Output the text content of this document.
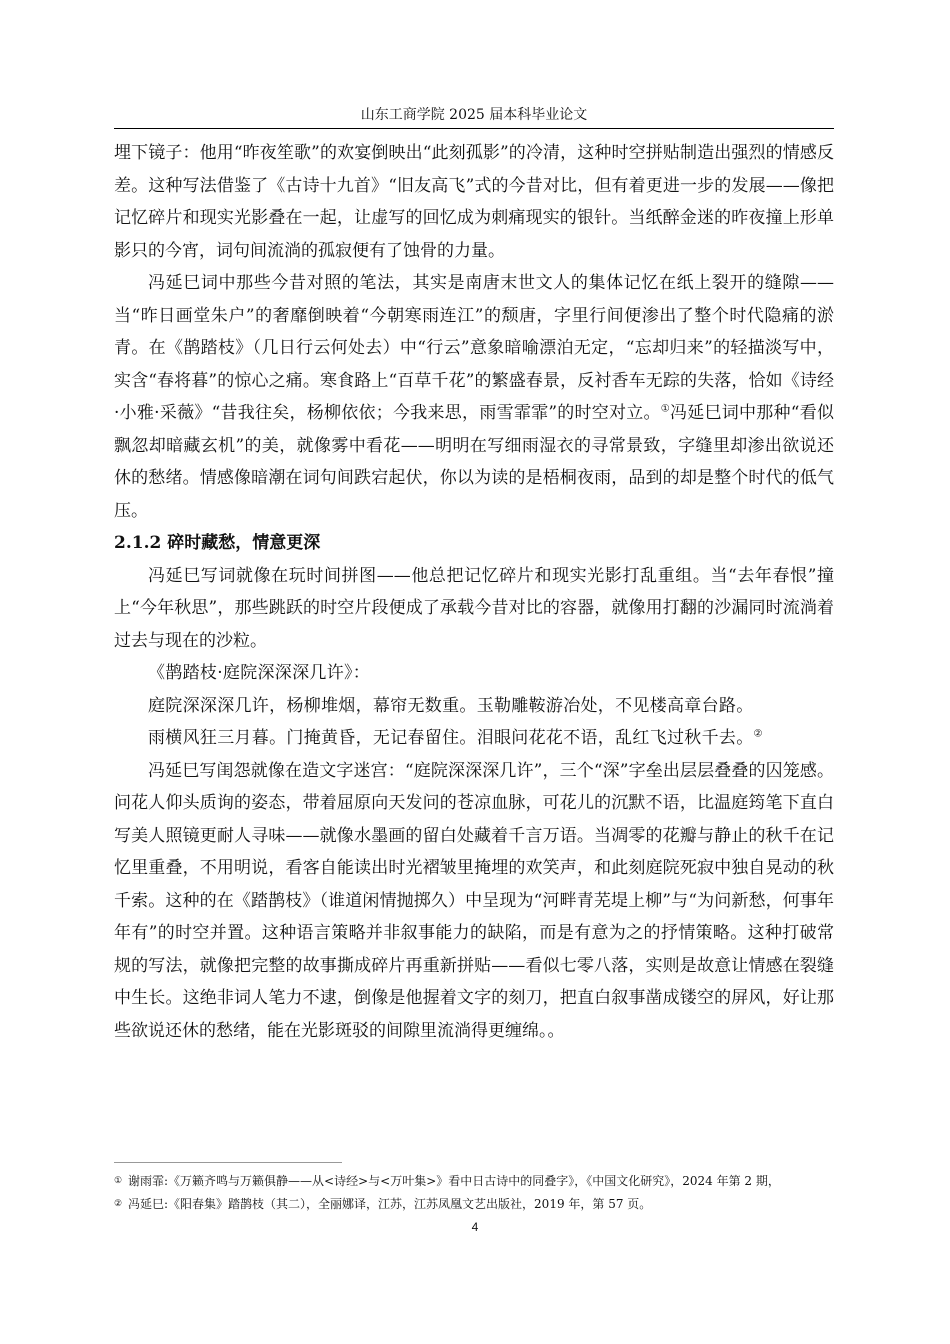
山东工商学院 2025 届本科毕业论文

埋下镜子：他用“昨夜笙歌”的欢宴倒映出“此刻孤影”的冷清，这种时空拼贴制造出强烈的情感反差。这种写法借鉴了《古诗十九首》“旧友高飞”式的今昔对比，但有着更进一步的发展——像把记忆碎片和现实光影叠在一起，让虚写的回忆成为刺痛现实的银针。当纸醉金迷的昨夜撞上形单影只的今宵，词句间流淌的孤寂便有了蚀骨的力量。

冯延巳词中那些今昔对照的笔法，其实是南唐末世文人的集体记忆在纸上裂开的缝隙——当“昨日画堂朱户”的奢靡倒映着“今朝寒雨连江”的颓唐，字里行间便渗出了整个时代隐痛的淤青。在《鹊踏枝》（几日行云何处去）中“行云”意象暗喻漂泊无定，“忘却归来”的轻描淡写中，实含“春将暮”的惊心之痛。寒食路上“百草千花”的繁盛春景，反衬香车无踪的失落，恰如《诗经·小雅·采薇》“昔我往矣，杨柳依依；今我来思，雨雪霏霏”的时空对立。①冯延巳词中那种“看似飘忽却暗藏玄机”的美，就像雾中看花——明明在写细雨湿衣的寻常景致，字缝里却渗出欲说还休的愁绪。情感像暗潮在词句间跌宕起伏，你以为读的是梧桐夜雨，品到的却是整个时代的低气压。

2.1.2 碎时藏愁，情意更深

冯延巳写词就像在玩时间拼图——他总把记忆碎片和现实光影打乱重组。当“去年春恨”撞上“今年秋思”，那些跳跃的时空片段便成了承载今昔对比的容器，就像用打翻的沙漏同时流淌着过去与现在的沙粒。

《鹊踏枝·庭院深深深几许》：

庭院深深深几许，杨柳堆烟，幕帘无数重。玉勒雕鞍游冶处，不见楼高章台路。

雨横风狂三月暮。门掩黄昏，无记春留住。泪眼问花花不语，乱红飞过秋千去。②

冯延巳写闺怨就像在造文字迷宫：“庭院深深深几许”，三个“深”字垒出层层叠叠的囚笼感。问花人仰头质询的姿态，带着屈原向天发问的苍凉血脉，可花儿的沉默不语，比温庭筠笔下直白写美人照镜更耐人寻味——就像水墨画的留白处藏着千言万语。当凋零的花瓣与静止的秋千在记忆里重叠，不用明说，看客自能读出时光褶皱里掩埋的欢笑声，和此刻庭院死寂中独自晃动的秋千索。这种的在《踏鹊枝》（谁道闲情抛掷久）中呈现为“河畔青芜堤上柳”与“为问新愁，何事年年有”的时空并置。这种语言策略并非叙事能力的缺陷，而是有意为之的抒情策略。这种打破常规的写法，就像把完整的故事撕成碎片再重新拼贴——看似七零八落，实则是故意让情感在裂缝中生长。这绝非词人笔力不逮，倒像是他握着文字的刻刀，把直白叙事凿成镂空的屏风，好让那些欲说还休的愁绪，能在光影斑驳的间隙里流淌得更缠绵。。

① 谢雨霏:《万籁齐鸣与万籁俱静——从<诗经>与<万叶集>》看中日古诗中的同叠字》，《中国文化研究》，2024 年第 2 期，
② 冯延巳:《阳春集》踏鹊枝（其二），全丽娜译，江苏，江苏凤凰文艺出版社，2019 年，第 57 页。
4
